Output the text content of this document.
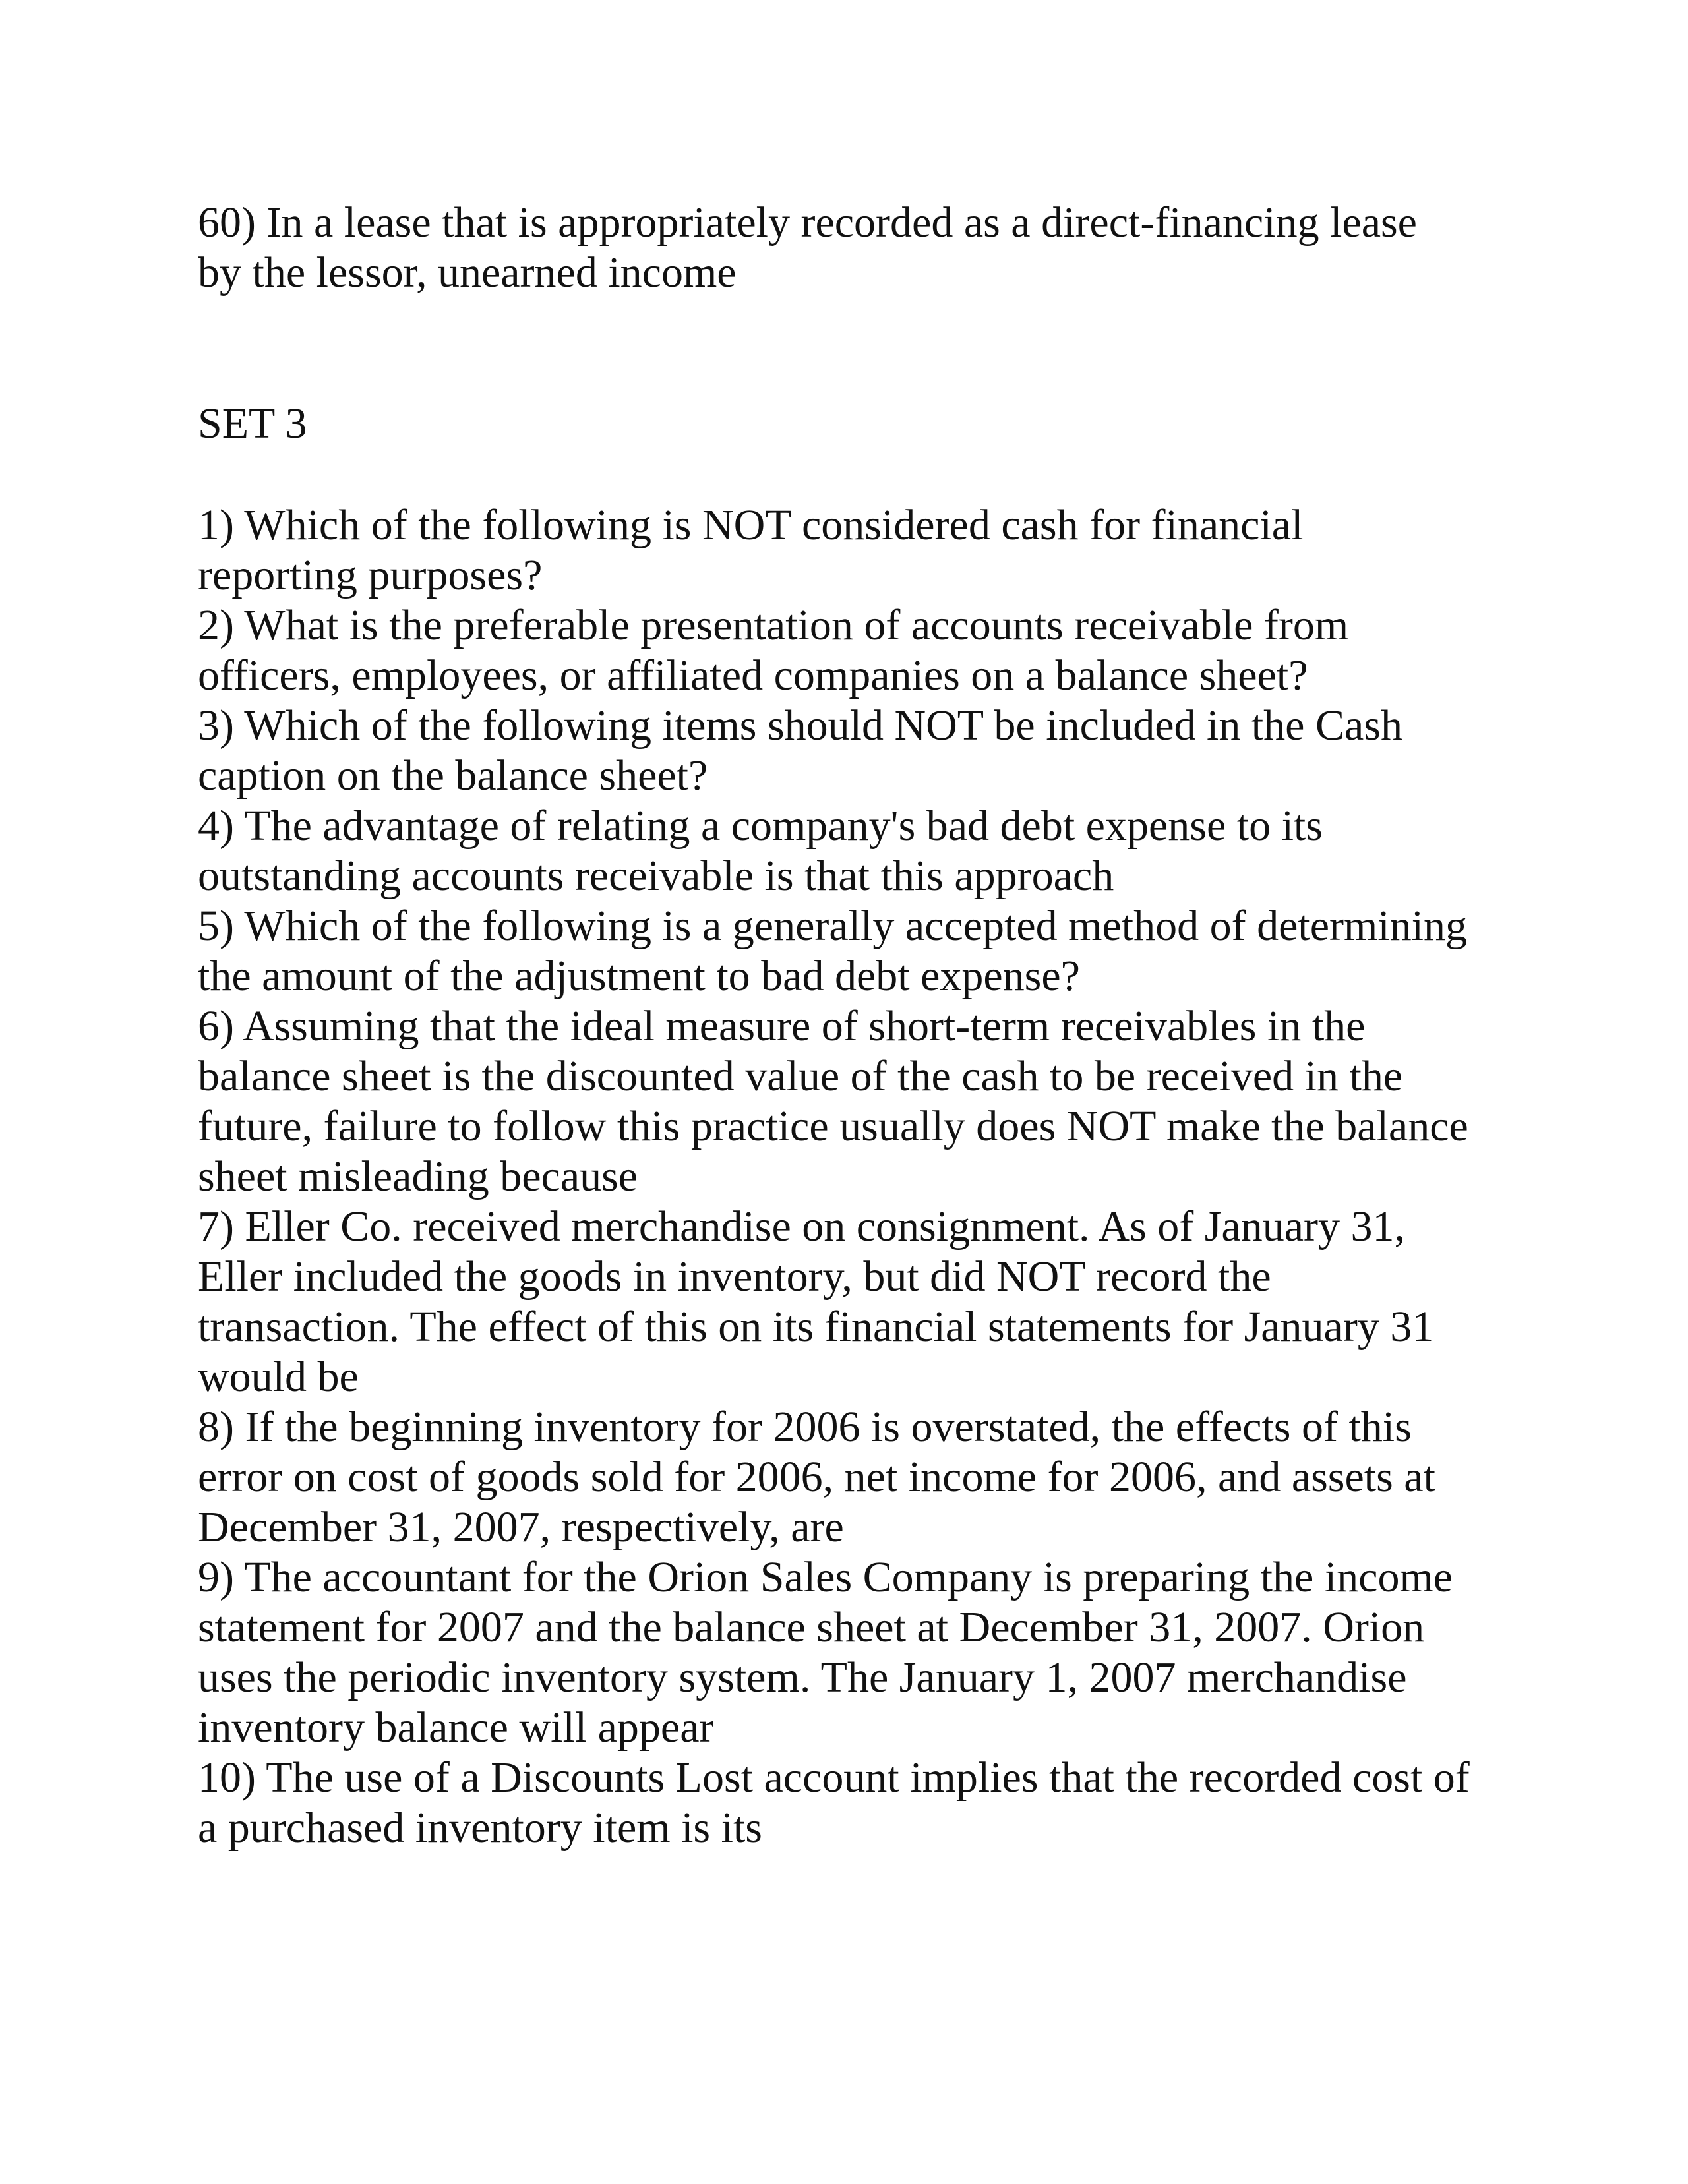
60) In a lease that is appropriately recorded as a direct-financing lease
by the lessor, unearned income

SET 3

1) Which of the following is NOT considered cash for financial
reporting purposes?

2) What is the preferable presentation of accounts receivable from
officers, employees, or affiliated companies on a balance sheet?

3) Which of the following items should NOT be included in the Cash
caption on the balance sheet?

4) The advantage of relating a company's bad debt expense to its
outstanding accounts receivable is that this approach

5) Which of the following is a generally accepted method of determining
the amount of the adjustment to bad debt expense?

6) Assuming that the ideal measure of short-term receivables in the
balance sheet is the discounted value of the cash to be received in the
future, failure to follow this practice usually does NOT make the balance
sheet misleading because

7) Eller Co. received merchandise on consignment. As of January 31,
Eller included the goods in inventory, but did NOT record the
transaction. The effect of this on its financial statements for January 31
would be

8) If the beginning inventory for 2006 is overstated, the effects of this
error on cost of goods sold for 2006, net income for 2006, and assets at
December 31, 2007, respectively, are

9) The accountant for the Orion Sales Company is preparing the income
statement for 2007 and the balance sheet at December 31, 2007. Orion
uses the periodic inventory system. The January 1, 2007 merchandise
inventory balance will appear

10) The use of a Discounts Lost account implies that the recorded cost of
a purchased inventory item is its
